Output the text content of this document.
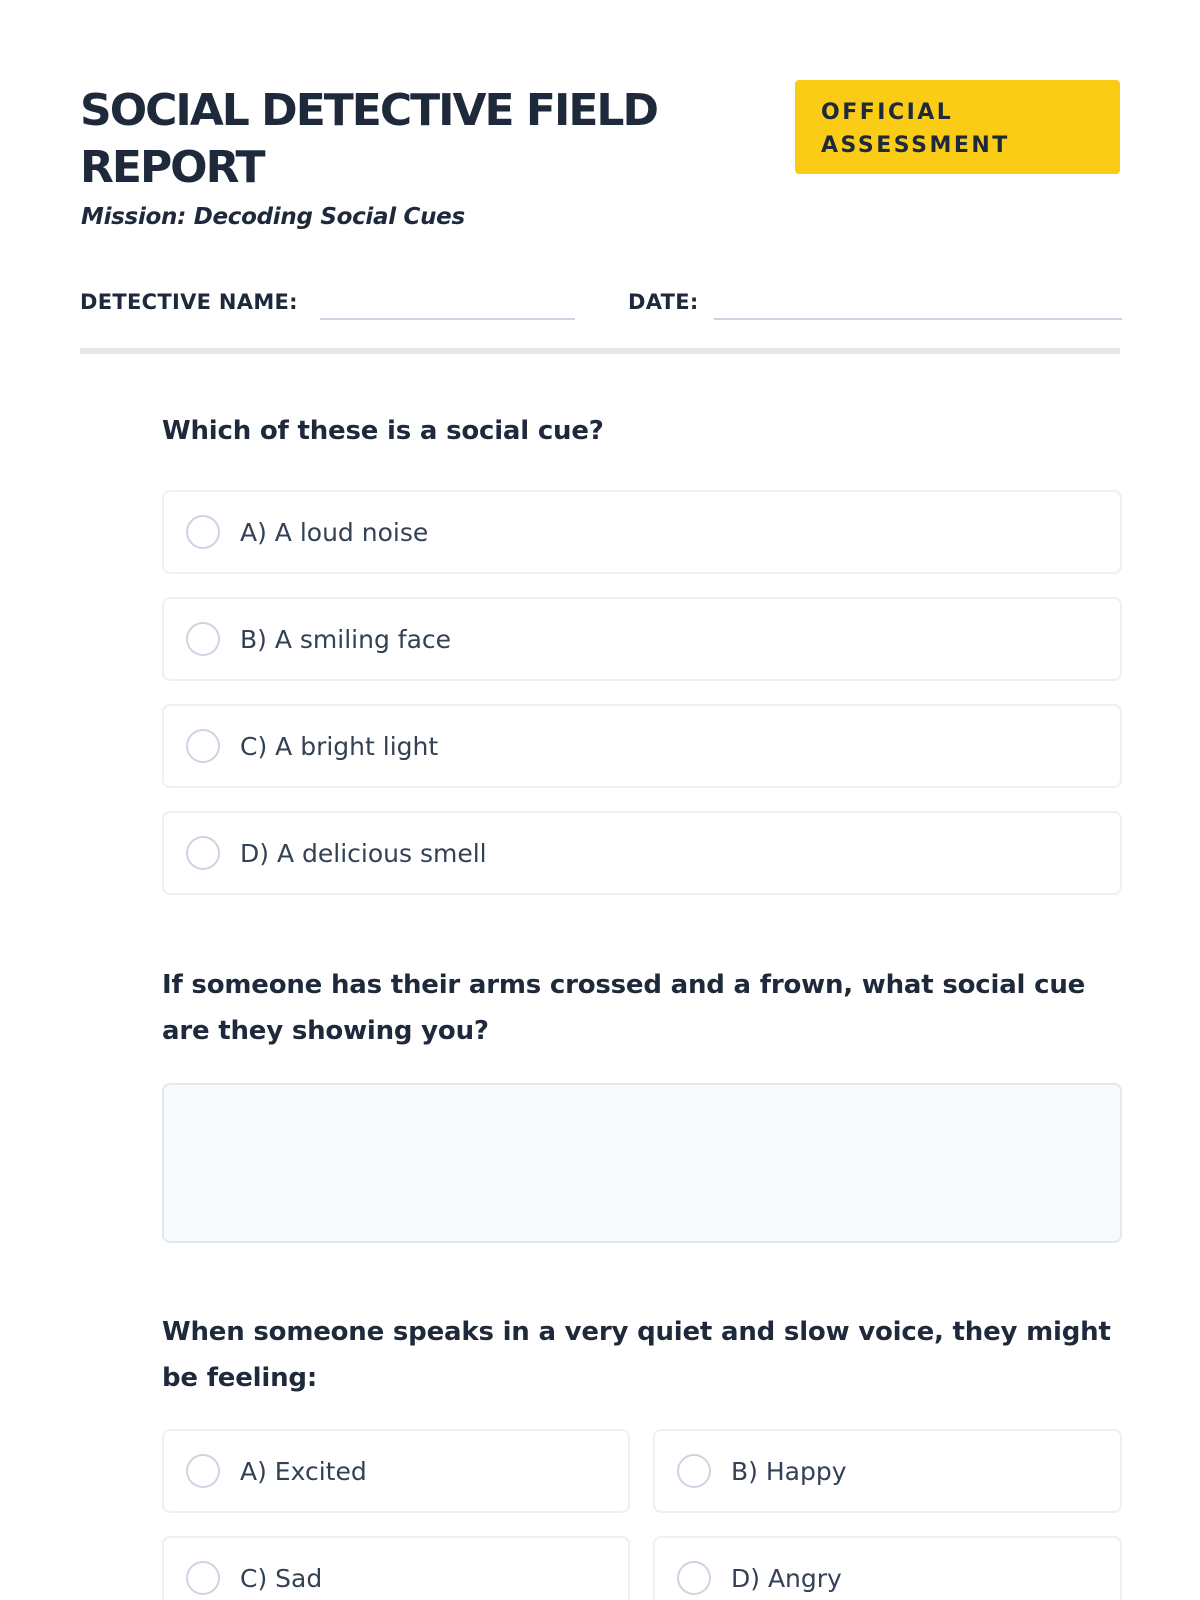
SOCIAL DETECTIVE FIELD REPORT
Mission: Decoding Social Cues
OFFICIAL ASSESSMENT
DETECTIVE NAME:	DATE:
Which of these is a social cue?
A) A loud noise
B) A smiling face
C) A bright light
D) A delicious smell
If someone has their arms crossed and a frown, what social cue are they showing you?
When someone speaks in a very quiet and slow voice, they might be feeling:
A) Excited	B) Happy
C) Sad	D) Angry
